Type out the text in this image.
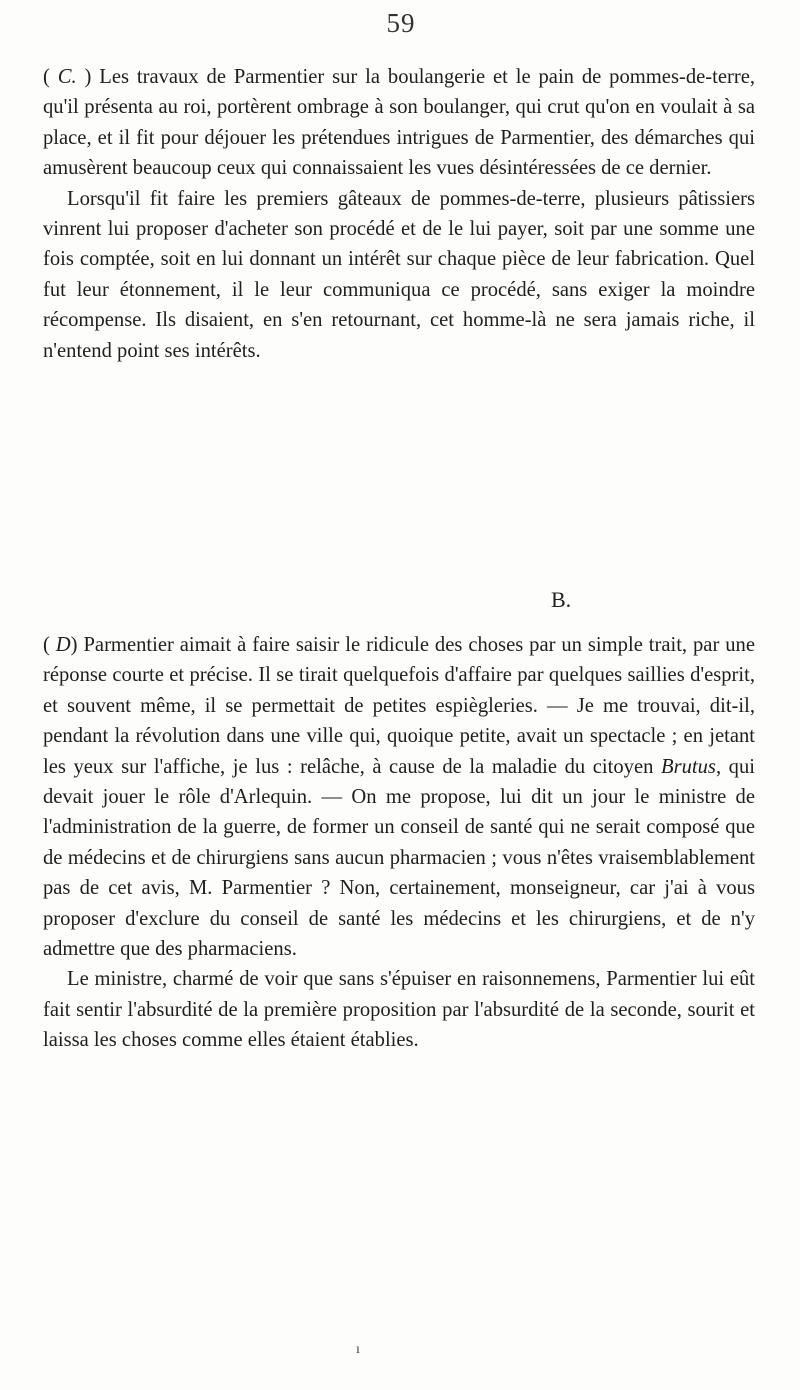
59

( C. ) Les travaux de Parmentier sur la boulangerie et le pain de pommes-de-terre, qu'il présenta au roi, portèrent ombrage à son boulanger, qui crut qu'on en voulait à sa place, et il fit pour déjouer les prétendues intrigues de Parmentier, des démarches qui amusèrent beaucoup ceux qui connaissaient les vues désintéressées de ce dernier.

Lorsqu'il fit faire les premiers gâteaux de pommes-de-terre, plusieurs pâtissiers vinrent lui proposer d'acheter son procédé et de le lui payer, soit par une somme une fois comptée, soit en lui donnant un intérêt sur chaque pièce de leur fabrication. Quel fut leur étonnement, il le leur communiqua ce procédé, sans exiger la moindre récompense. Ils disaient, en s'en retournant, cet homme-là ne sera jamais riche, il n'entend point ses intérêts.

B.

( D) Parmentier aimait à faire saisir le ridicule des choses par un simple trait, par une réponse courte et précise. Il se tirait quelquefois d'affaire par quelques saillies d'esprit, et souvent même, il se permettait de petites espiègleries. — Je me trouvai, dit-il, pendant la révolution dans une ville qui, quoique petite, avait un spectacle ; en jetant les yeux sur l'affiche, je lus : relâche, à cause de la maladie du citoyen Brutus, qui devait jouer le rôle d'Arlequin. — On me propose, lui dit un jour le ministre de l'administration de la guerre, de former un conseil de santé qui ne serait composé que de médecins et de chirurgiens sans aucun pharmacien ; vous n'êtes vraisemblablement pas de cet avis, M. Parmentier ? Non, certainement, monseigneur, car j'ai à vous proposer d'exclure du conseil de santé les médecins et les chirurgiens, et de n'y admettre que des pharmaciens.

Le ministre, charmé de voir que sans s'épuiser en raisonnemens, Parmentier lui eût fait sentir l'absurdité de la première proposition par l'absurdité de la seconde, sourit et laissa les choses comme elles étaient établies.

ı
